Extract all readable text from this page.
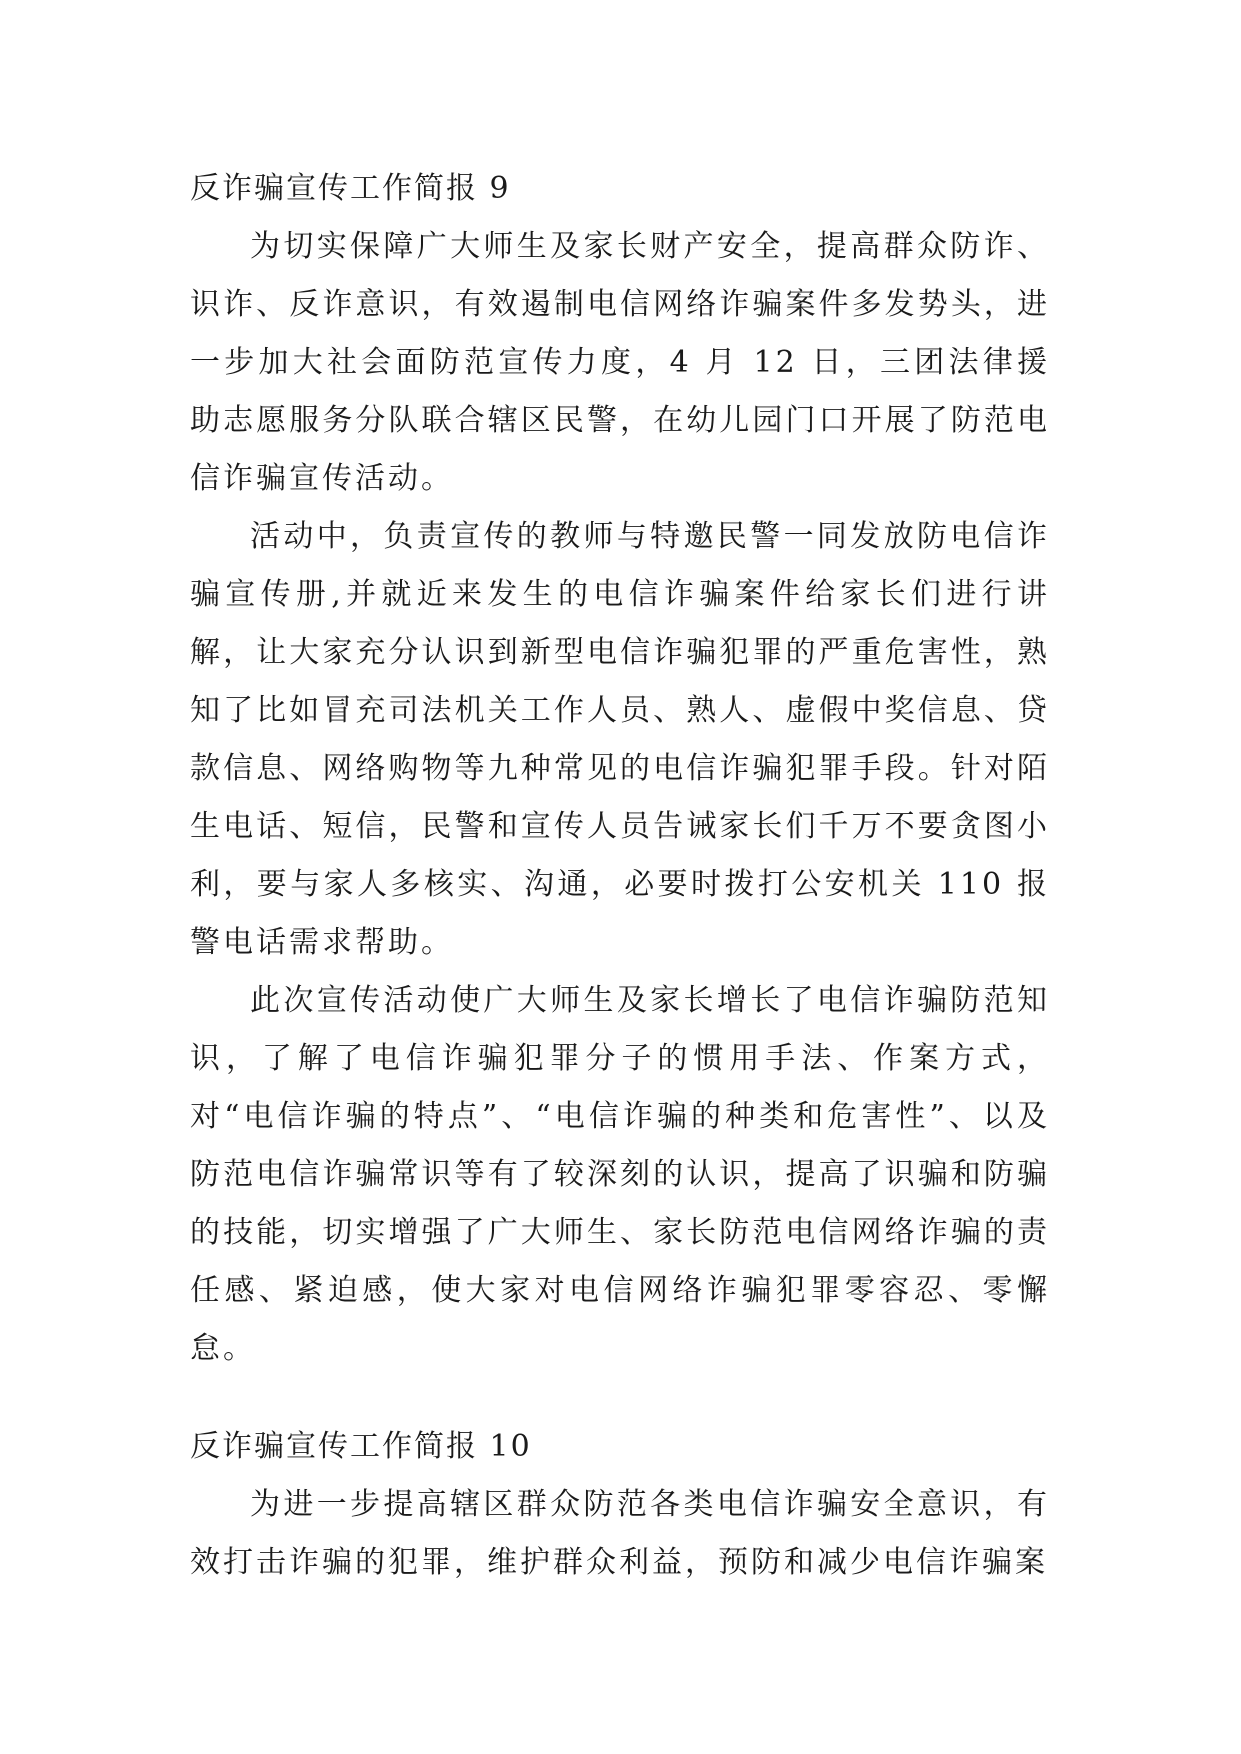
反诈骗宣传工作简报 9

为切实保障广大师生及家长财产安全，提高群众防诈、识诈、反诈意识，有效遏制电信网络诈骗案件多发势头，进一步加大社会面防范宣传力度，4 月 12 日，三团法律援助志愿服务分队联合辖区民警，在幼儿园门口开展了防范电信诈骗宣传活动。

活动中，负责宣传的教师与特邀民警一同发放防电信诈骗宣传册,并就近来发生的电信诈骗案件给家长们进行讲解，让大家充分认识到新型电信诈骗犯罪的严重危害性，熟知了比如冒充司法机关工作人员、熟人、虚假中奖信息、贷款信息、网络购物等九种常见的电信诈骗犯罪手段。针对陌生电话、短信，民警和宣传人员告诫家长们千万不要贪图小利，要与家人多核实、沟通，必要时拨打公安机关 110 报警电话需求帮助。

此次宣传活动使广大师生及家长增长了电信诈骗防范知识，了解了电信诈骗犯罪分子的惯用手法、作案方式，对“电信诈骗的特点”、“电信诈骗的种类和危害性”、以及防范电信诈骗常识等有了较深刻的认识，提高了识骗和防骗的技能，切实增强了广大师生、家长防范电信网络诈骗的责任感、紧迫感，使大家对电信网络诈骗犯罪零容忍、零懈怠。

反诈骗宣传工作简报 10

为进一步提高辖区群众防范各类电信诈骗安全意识，有效打击诈骗的犯罪，维护群众利益，预防和减少电信诈骗案
